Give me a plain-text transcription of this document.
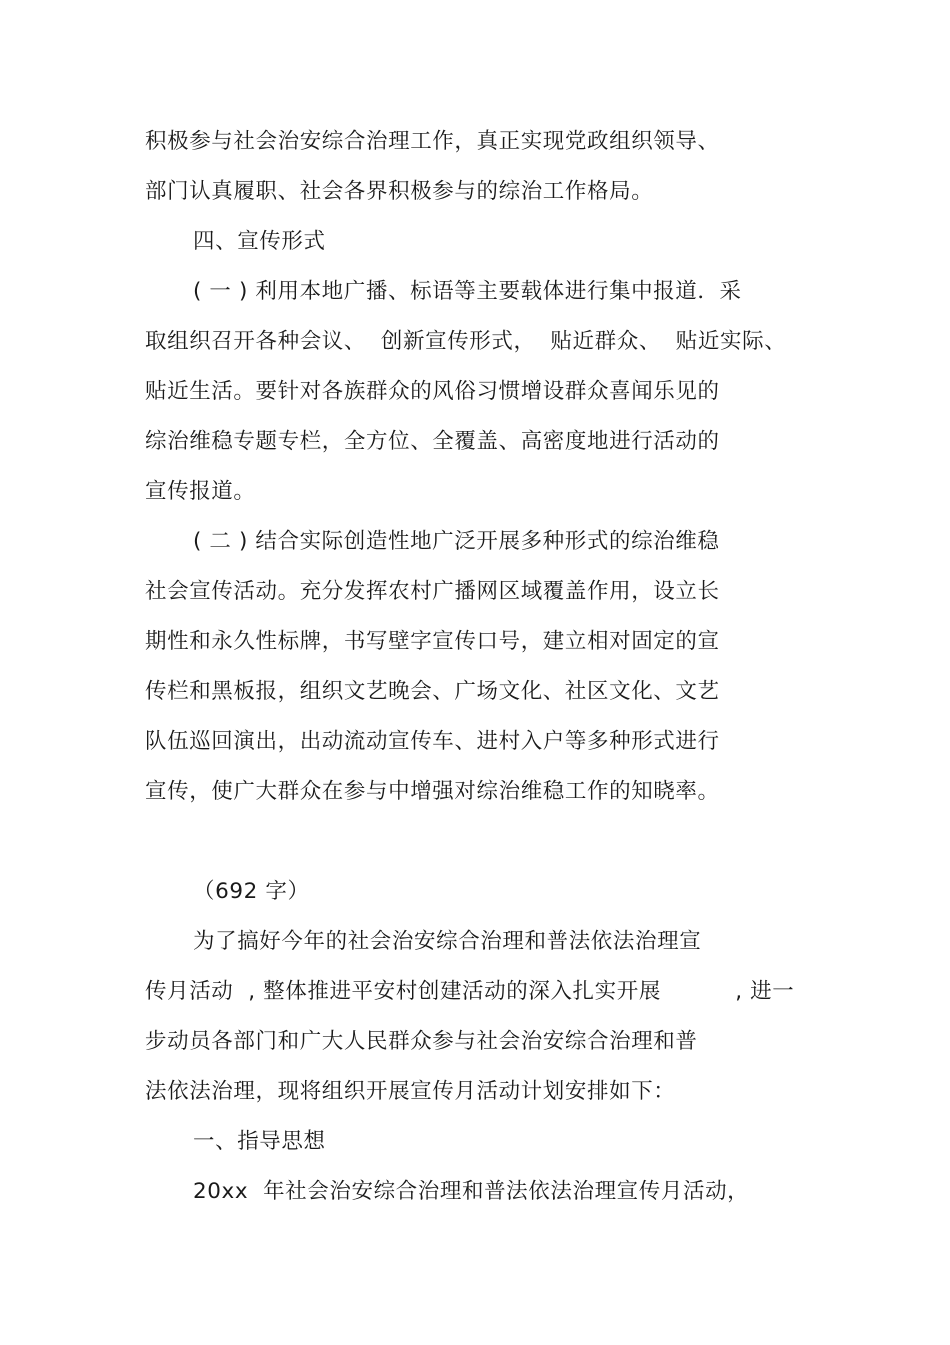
积极参与社会治安综合治理工作，真正实现党政组织领导、
部门认真履职、社会各界积极参与的综治工作格局。
四、宣传形式
( 一 ) 利用本地广播、标语等主要载体进行集中报道．采
取组织召开各种会议、  创新宣传形式，  贴近群众、  贴近实际、
贴近生活。要针对各族群众的风俗习惯增设群众喜闻乐见的
综治维稳专题专栏，全方位、全覆盖、高密度地进行活动的
宣传报道。
( 二 ) 结合实际创造性地广泛开展多种形式的综治维稳
社会宣传活动。充分发挥农村广播网区域覆盖作用，设立长
期性和永久性标牌，书写壁字宣传口号，建立相对固定的宣
传栏和黑板报，组织文艺晚会、广场文化、社区文化、文艺
队伍巡回演出，出动流动宣传车、进村入户等多种形式进行
宣传，使广大群众在参与中增强对综治维稳工作的知晓率。
（692 字）
为了搞好今年的社会治安综合治理和普法依法治理宣
传月活动  , 整体推进平安村创建活动的深入扎实开展          , 进一
步动员各部门和广大人民群众参与社会治安综合治理和普
法依法治理，现将组织开展宣传月活动计划安排如下：
一、指导思想
20xx  年社会治安综合治理和普法依法治理宣传月活动，
